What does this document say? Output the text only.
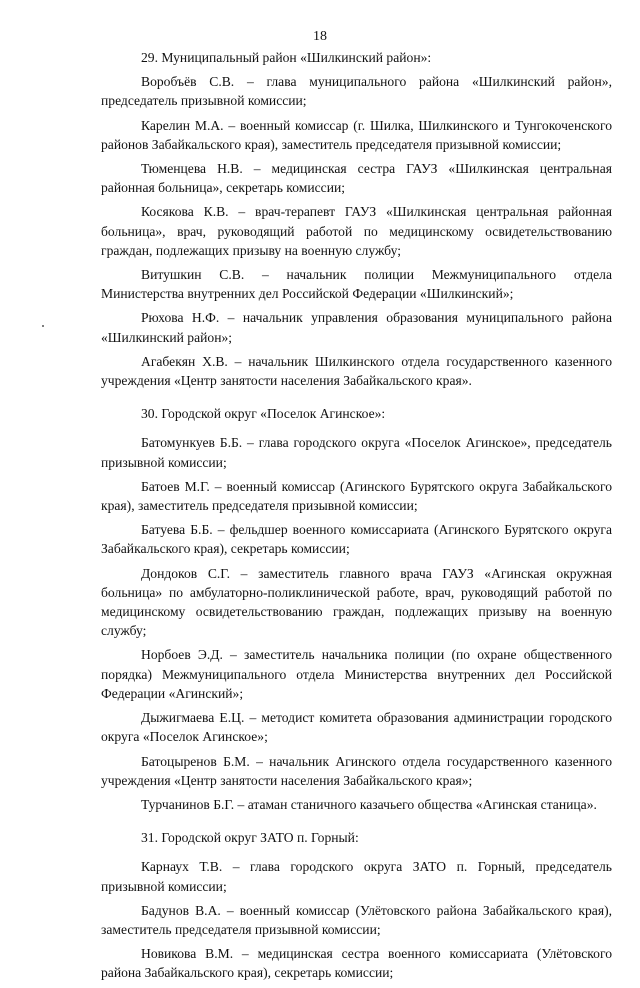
18

29. Муниципальный район «Шилкинский район»:

Воробъёв С.В. – глава муниципального района «Шилкинский район», председатель призывной комиссии;

Карелин М.А. – военный комиссар (г. Шилка, Шилкинского и Тунгокоченского районов Забайкальского края), заместитель председателя призывной комиссии;

Тюменцева Н.В. – медицинская сестра ГАУЗ «Шилкинская центральная районная больница», секретарь комиссии;

Косякова К.В. – врач-терапевт ГАУЗ «Шилкинская центральная районная больница», врач, руководящий работой по медицинскому освидетельствованию граждан, подлежащих призыву на военную службу;

Витушкин С.В. – начальник полиции Межмуниципального отдела Министерства внутренних дел Российской Федерации «Шилкинский»;

Рюхова Н.Ф. – начальник управления образования муниципального района «Шилкинский район»;

Агабекян Х.В. – начальник Шилкинского отдела государственного казенного учреждения «Центр занятости населения Забайкальского края».

30. Городской округ «Поселок Агинское»:

Батомункуев Б.Б. – глава городского округа «Поселок Агинское», председатель призывной комиссии;

Батоев М.Г. – военный комиссар (Агинского Бурятского округа Забайкальского края), заместитель председателя призывной комиссии;

Батуева Б.Б. – фельдшер военного комиссариата (Агинского Бурятского округа Забайкальского края), секретарь комиссии;

Дондоков С.Г. – заместитель главного врача ГАУЗ «Агинская окружная больница» по амбулаторно-поликлинической работе, врач, руководящий работой по медицинскому освидетельствованию граждан, подлежащих призыву на военную службу;

Норбоев Э.Д. – заместитель начальника полиции (по охране общественного порядка) Межмуниципального отдела Министерства внутренних дел Российской Федерации «Агинский»;

Дыжигмаева Е.Ц. – методист комитета образования администрации городского округа «Поселок Агинское»;

Батоцыренов Б.М. – начальник Агинского отдела государственного казенного учреждения «Центр занятости населения Забайкальского края»;

Турчанинов Б.Г. – атаман станичного казачьего общества «Агинская станица».

31. Городской округ ЗАТО п. Горный:

Карнаух Т.В. – глава городского округа ЗАТО п. Горный, председатель призывной комиссии;

Бадунов В.А. – военный комиссар (Улётовского района Забайкальского края), заместитель председателя призывной комиссии;

Новикова В.М. – медицинская сестра военного комиссариата (Улётовского района Забайкальского края), секретарь комиссии;
